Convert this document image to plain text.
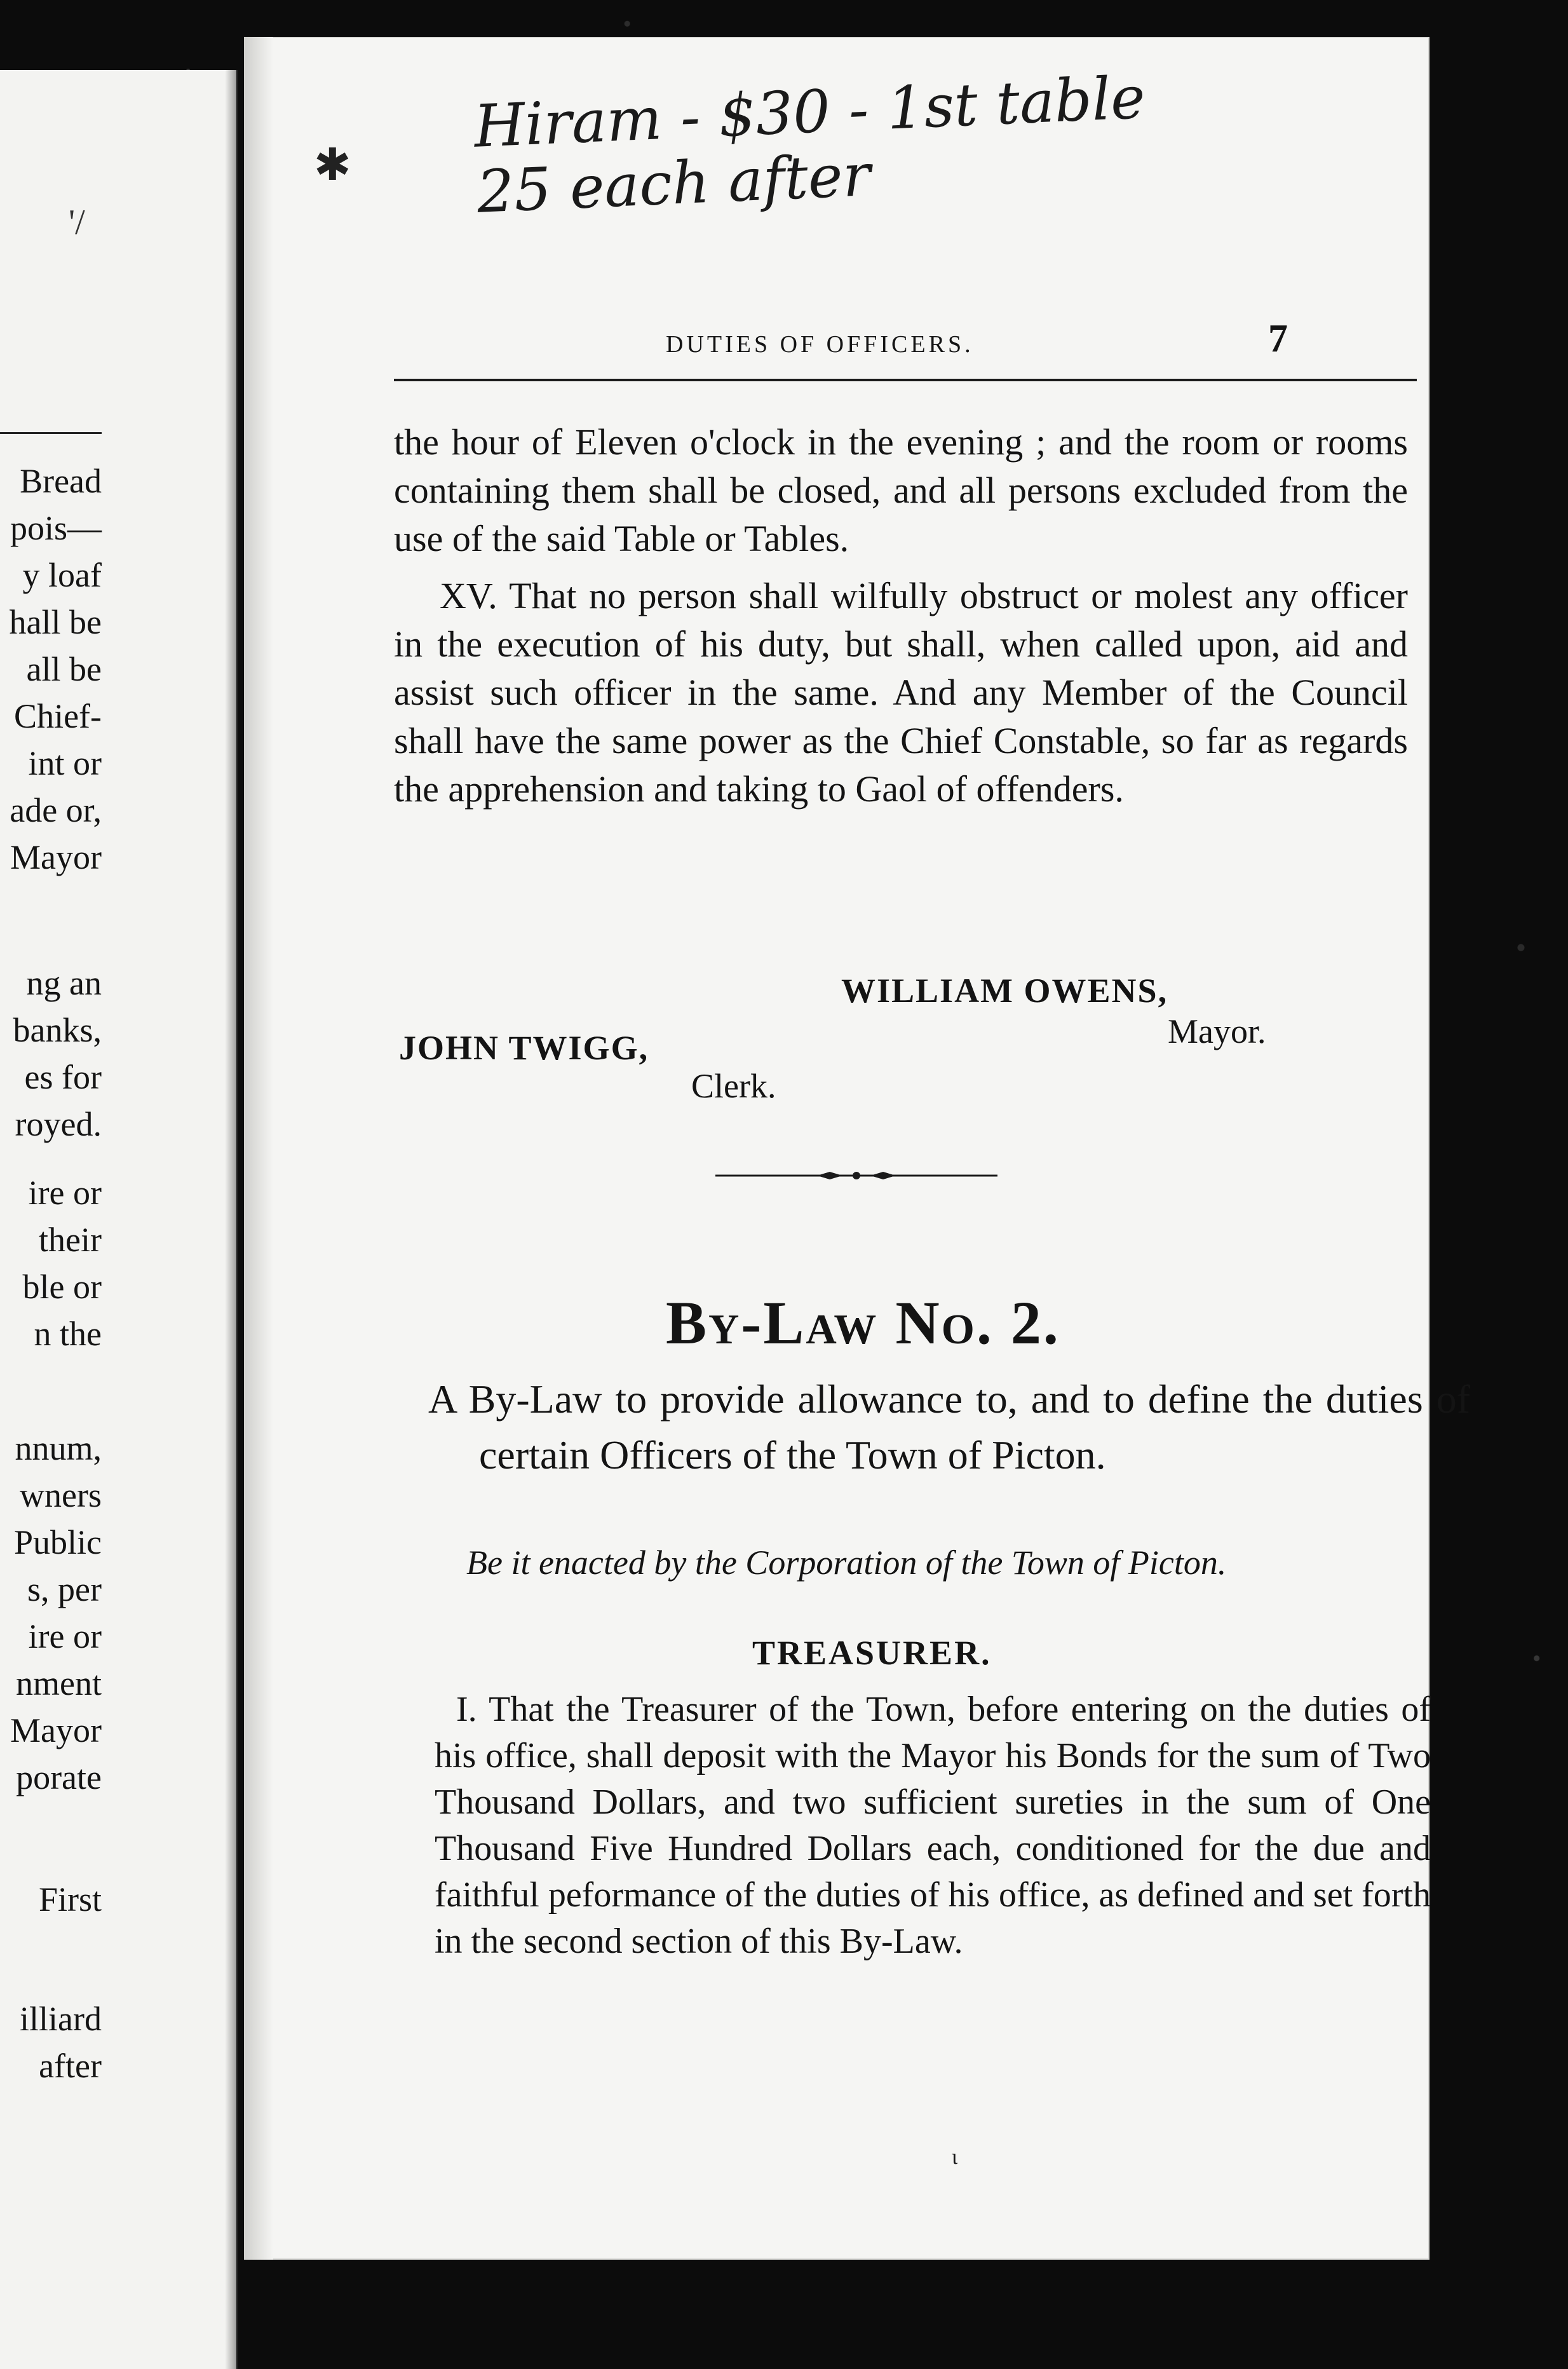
'/
Bread
pois—
y loaf
hall be
all be
Chief-
int or
ade or,
Mayor
ng an
banks,
es for
royed.
ire or
their
ble or
n the
nnum,
wners
Public
s, per
ire or
nment
Mayor
porate
First
illiard
after
✱
Hiram - $30 - 1st table
25 each after
DUTIES OF OFFICERS.	7

the hour of Eleven o'clock in the evening ; and the room or rooms containing them shall be closed, and all persons excluded from the use of the said Table or Tables.

XV. That no person shall wilfully obstruct or molest any officer in the execution of his duty, but shall, when called upon, aid and assist such officer in the same. And any Member of the Council shall have the same power as the Chief Constable, so far as regards the apprehension and taking to Gaol of offenders.

WILLIAM OWENS,
Mayor.
JOHN TWIGG,
Clerk.
By-Law No. 2.
A By-Law to provide allowance to, and to define the duties of certain Officers of the Town of Picton.
Be it enacted by the Corporation of the Town of Picton.
TREASURER.

I. That the Treasurer of the Town, before entering on the duties of his office, shall deposit with the Mayor his Bonds for the sum of Two Thousand Dollars, and two sufficient sureties in the sum of One Thousand Five Hundred Dollars each, conditioned for the due and faithful peformance of the duties of his office, as defined and set forth in the second section of this By-Law.

ι
